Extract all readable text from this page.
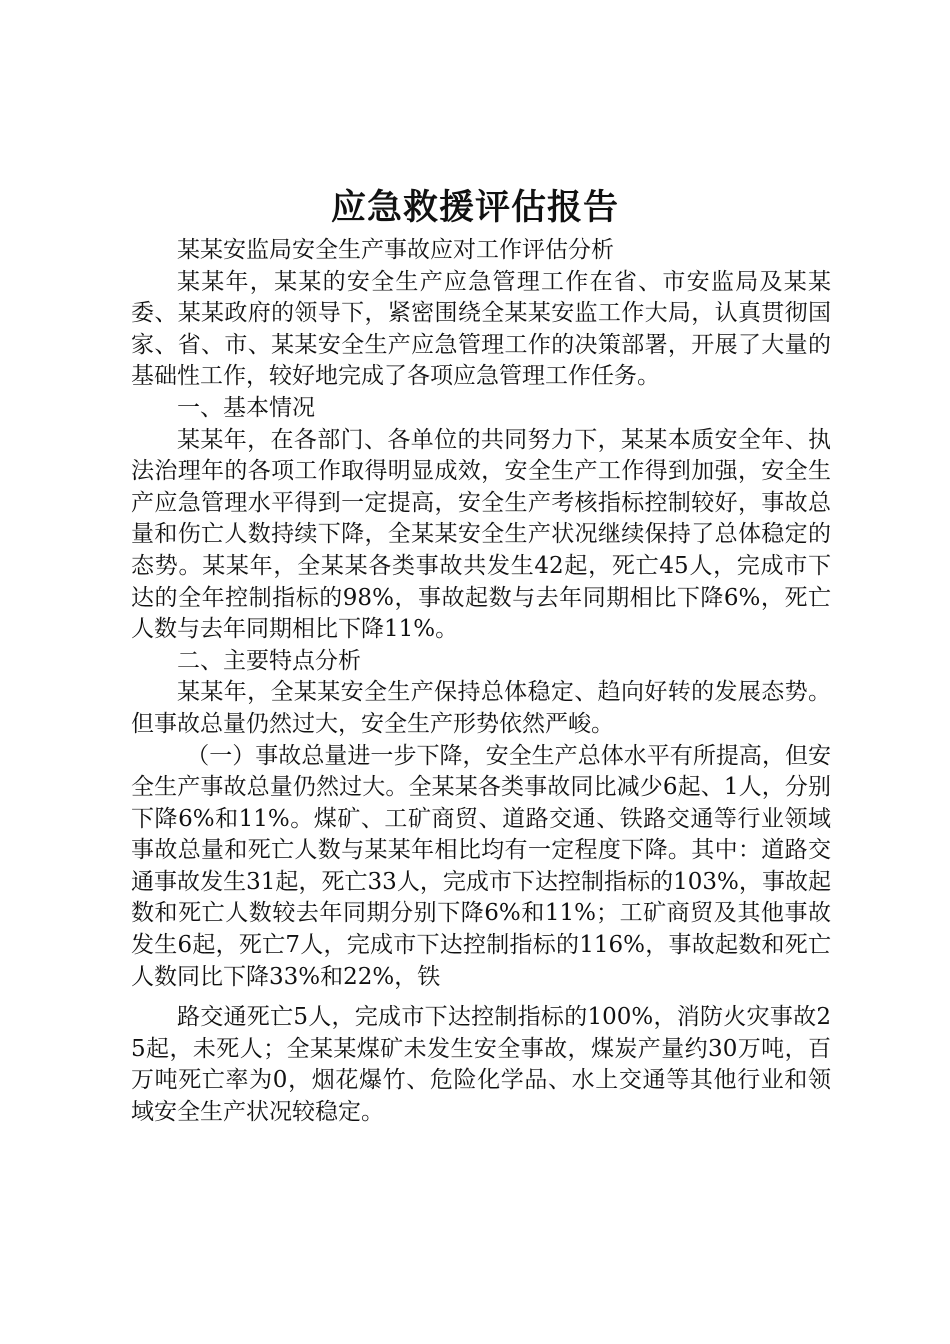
应急救援评估报告

某某安监局安全生产事故应对工作评估分析

某某年，某某的安全生产应急管理工作在省、市安监局及某某委、某某政府的领导下，紧密围绕全某某安监工作大局，认真贯彻国家、省、市、某某安全生产应急管理工作的决策部署，开展了大量的基础性工作，较好地完成了各项应急管理工作任务。

一、基本情况

某某年，在各部门、各单位的共同努力下，某某本质安全年、执法治理年的各项工作取得明显成效，安全生产工作得到加强，安全生产应急管理水平得到一定提高，安全生产考核指标控制较好，事故总量和伤亡人数持续下降，全某某安全生产状况继续保持了总体稳定的态势。某某年，全某某各类事故共发生42起，死亡45人，完成市下达的全年控制指标的98%，事故起数与去年同期相比下降6%，死亡人数与去年同期相比下降11%。

二、主要特点分析

某某年，全某某安全生产保持总体稳定、趋向好转的发展态势。但事故总量仍然过大，安全生产形势依然严峻。

（一）事故总量进一步下降，安全生产总体水平有所提高，但安全生产事故总量仍然过大。全某某各类事故同比减少6起、1人，分别下降6%和11%。煤矿、工矿商贸、道路交通、铁路交通等行业领域事故总量和死亡人数与某某年相比均有一定程度下降。其中：道路交通事故发生31起，死亡33人，完成市下达控制指标的103%，事故起数和死亡人数较去年同期分别下降6%和11%；工矿商贸及其他事故发生6起，死亡7人，完成市下达控制指标的116%，事故起数和死亡人数同比下降33%和22%，铁

路交通死亡5人，完成市下达控制指标的100%，消防火灾事故25起，未死人；全某某煤矿未发生安全事故，煤炭产量约30万吨，百万吨死亡率为0，烟花爆竹、危险化学品、水上交通等其他行业和领域安全生产状况较稳定。
